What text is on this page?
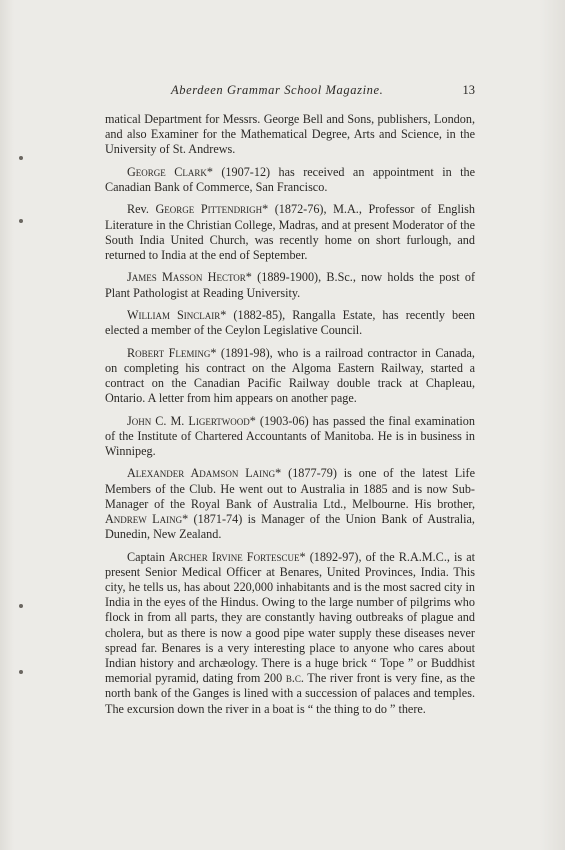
Aberdeen Grammar School Magazine.	13

matical Department for Messrs. George Bell and Sons, publishers, London, and also Examiner for the Mathematical Degree, Arts and Science, in the University of St. Andrews.

George Clark* (1907-12) has received an appointment in the Canadian Bank of Commerce, San Francisco.

Rev. George Pittendrigh* (1872-76), M.A., Professor of English Literature in the Christian College, Madras, and at present Moderator of the South India United Church, was recently home on short furlough, and returned to India at the end of September.

James Masson Hector* (1889-1900), B.Sc., now holds the post of Plant Pathologist at Reading University.

William Sinclair* (1882-85), Rangalla Estate, has recently been elected a member of the Ceylon Legislative Council.

Robert Fleming* (1891-98), who is a railroad contractor in Canada, on completing his contract on the Algoma Eastern Railway, started a contract on the Canadian Pacific Railway double track at Chapleau, Ontario. A letter from him appears on another page.

John C. M. Ligertwood* (1903-06) has passed the final examination of the Institute of Chartered Accountants of Manitoba. He is in business in Winnipeg.

Alexander Adamson Laing* (1877-79) is one of the latest Life Members of the Club. He went out to Australia in 1885 and is now Sub-Manager of the Royal Bank of Australia Ltd., Melbourne. His brother, Andrew Laing* (1871-74) is Manager of the Union Bank of Australia, Dunedin, New Zealand.

Captain Archer Irvine Fortescue* (1892-97), of the R.A.M.C., is at present Senior Medical Officer at Benares, United Provinces, India. This city, he tells us, has about 220,000 inhabitants and is the most sacred city in India in the eyes of the Hindus. Owing to the large number of pilgrims who flock in from all parts, they are constantly having outbreaks of plague and cholera, but as there is now a good pipe water supply these diseases never spread far. Benares is a very interesting place to anyone who cares about Indian history and archæology. There is a huge brick “ Tope ” or Buddhist memorial pyramid, dating from 200 b.c. The river front is very fine, as the north bank of the Ganges is lined with a succession of palaces and temples. The excursion down the river in a boat is “ the thing to do ” there.
